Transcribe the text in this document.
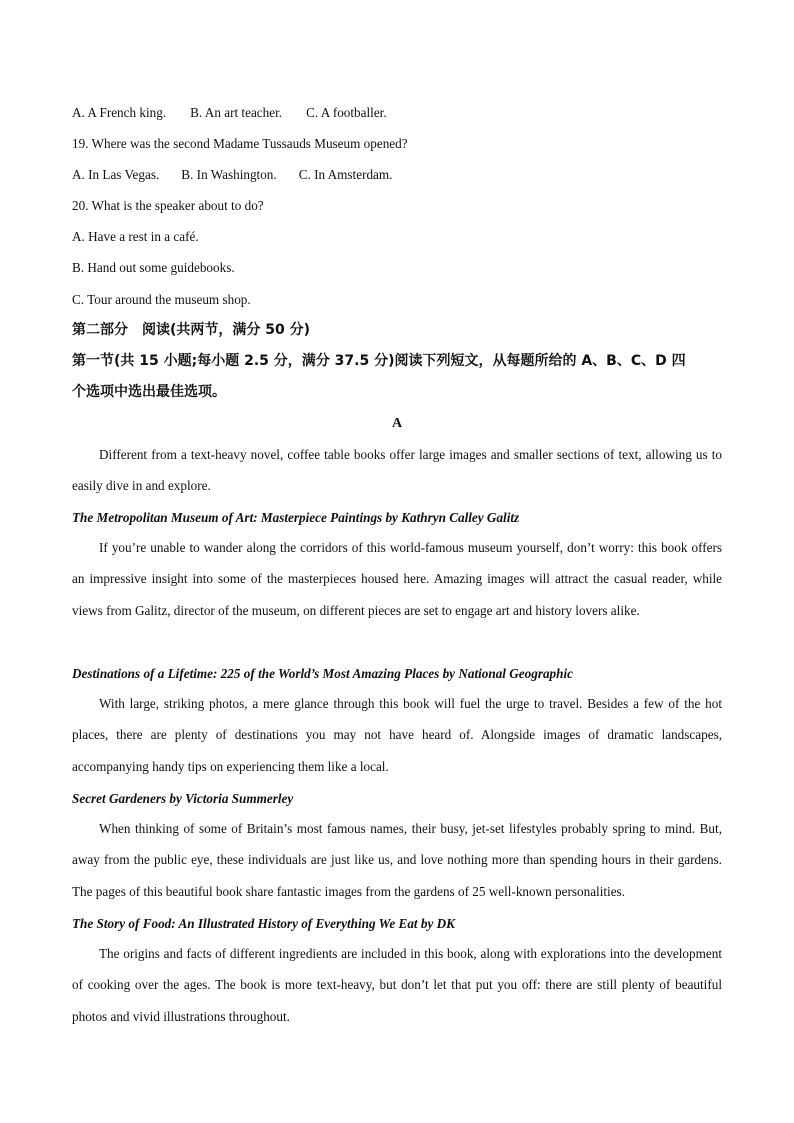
A. A French king. B. An art teacher. C. A footballer.
19. Where was the second Madame Tussauds Museum opened?
A. In Las Vegas. B. In Washington. C. In Amsterdam.
20. What is the speaker about to do?
A. Have a rest in a café.
B. Hand out some guidebooks.
C. Tour around the museum shop.
第二部分　阅读(共两节，满分 50 分)
第一节(共 15 小题;每小题 2.5 分，满分 37.5 分)阅读下列短文，从每题所给的 A、B、C、D 四
个选项中选出最佳选项。
A
Different from a text-heavy novel, coffee table books offer large images and smaller sections of text, allowing us to easily dive in and explore.
The Metropolitan Museum of Art: Masterpiece Paintings by Kathryn Calley Galitz
If you’re unable to wander along the corridors of this world-famous museum yourself, don’t worry: this book offers an impressive insight into some of the masterpieces housed here. Amazing images will attract the casual reader, while views from Galitz, director of the museum, on different pieces are set to engage art and history lovers alike.
Destinations of a Lifetime: 225 of the World’s Most Amazing Places by National Geographic
With large, striking photos, a mere glance through this book will fuel the urge to travel. Besides a few of the hot places, there are plenty of destinations you may not have heard of. Alongside images of dramatic landscapes, accompanying handy tips on experiencing them like a local.
Secret Gardeners by Victoria Summerley
When thinking of some of Britain’s most famous names, their busy, jet-set lifestyles probably spring to mind. But, away from the public eye, these individuals are just like us, and love nothing more than spending hours in their gardens. The pages of this beautiful book share fantastic images from the gardens of 25 well-known personalities.
The Story of Food: An Illustrated History of Everything We Eat by DK
The origins and facts of different ingredients are included in this book, along with explorations into the development of cooking over the ages. The book is more text-heavy, but don’t let that put you off: there are still plenty of beautiful photos and vivid illustrations throughout.
